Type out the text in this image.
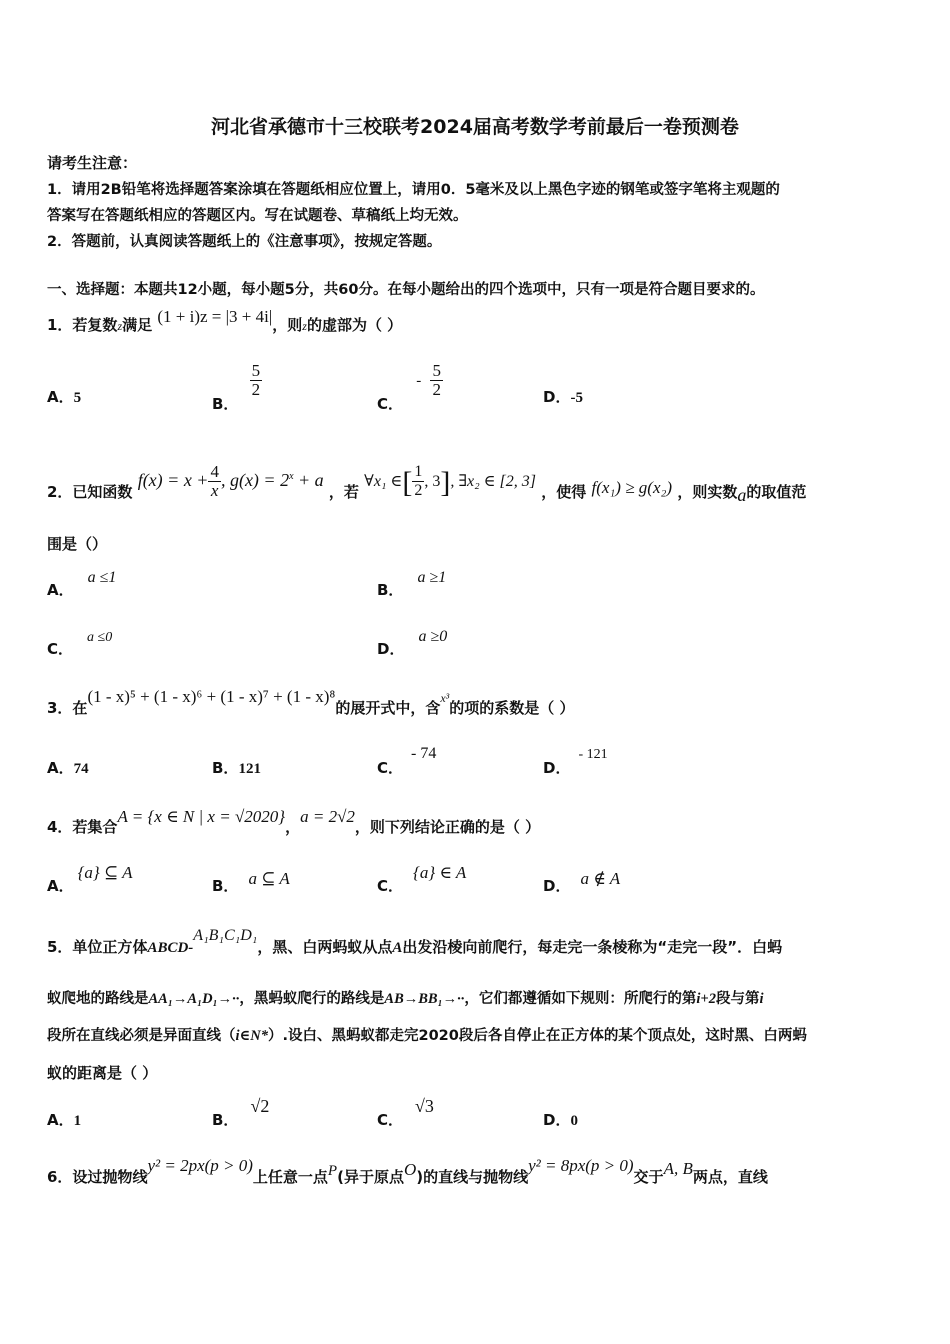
河北省承德市十三校联考2024届高考数学考前最后一卷预测卷
请考生注意：
1．请用2B铅笔将选择题答案涂填在答题纸相应位置上，请用0．5毫米及以上黑色字迹的钢笔或签字笔将主观题的
答案写在答题纸相应的答题区内。写在试题卷、草稿纸上均无效。
2．答题前，认真阅读答题纸上的《注意事项》，按规定答题。
一、选择题：本题共12小题，每小题5分，共60分。在每小题给出的四个选项中，只有一项是符合题目要求的。
1．若复数z满足 (1 + i)z = |3 + 4i|，则z的虚部为（ ）
A．5	B．
$\frac{5}{2}$
C． - $\frac{5}{2}$	D．-5
2．已知函数 $f(x) = x + \frac{4}{x}$ , $g(x) = 2^x + a$ ，若 ∀x₁ ∈[ $\frac{1}{2}$ , 3], ∃x₂ ∈ [2, 3] ，使得 f(x₁) ≥ g(x₂) ，则实数a的取值范
围是（）
A．a ≤1
B．a ≥1
C．a ≤0
D．a ≥0
3．在(1 - x)⁵ + (1 - x)⁶ + (1 - x)⁷ + (1 - x)⁸的展开式中，含x³的项的系数是（ ）
A．74	B．121	C．- 74
D．- 121
4．若集合A = {x ∈ N | x = √2020}，a = 2√2，则下列结论正确的是（ ）
A．{a} ⊆ A
B． a ⊆ A	C．{a} ∈ A
D． a ∉ A
5．单位正方体ABCD-A₁B₁C₁D₁，黑、白两蚂蚁从点A出发沿棱向前爬行，每走完一条棱称为“走完一段”．白蚂
蚁爬地的路线是AA₁→A₁D₁→··，黑蚂蚁爬行的路线是AB→BB₁→··，它们都遵循如下规则：所爬行的第i+2段与第i
段所在直线必须是异面直线（i∈N*）.设白、黑蚂蚁都走完2020段后各自停止在正方体的某个顶点处，这时黑、白两蚂
蚁的距离是（ ）
A．1	B．√2
C．√3
D．0
6．设过抛物线y² = 2px(p > 0)上任意一点P(异于原点O)的直线与抛物线y² = 8px(p > 0)交于A, B两点，直线
